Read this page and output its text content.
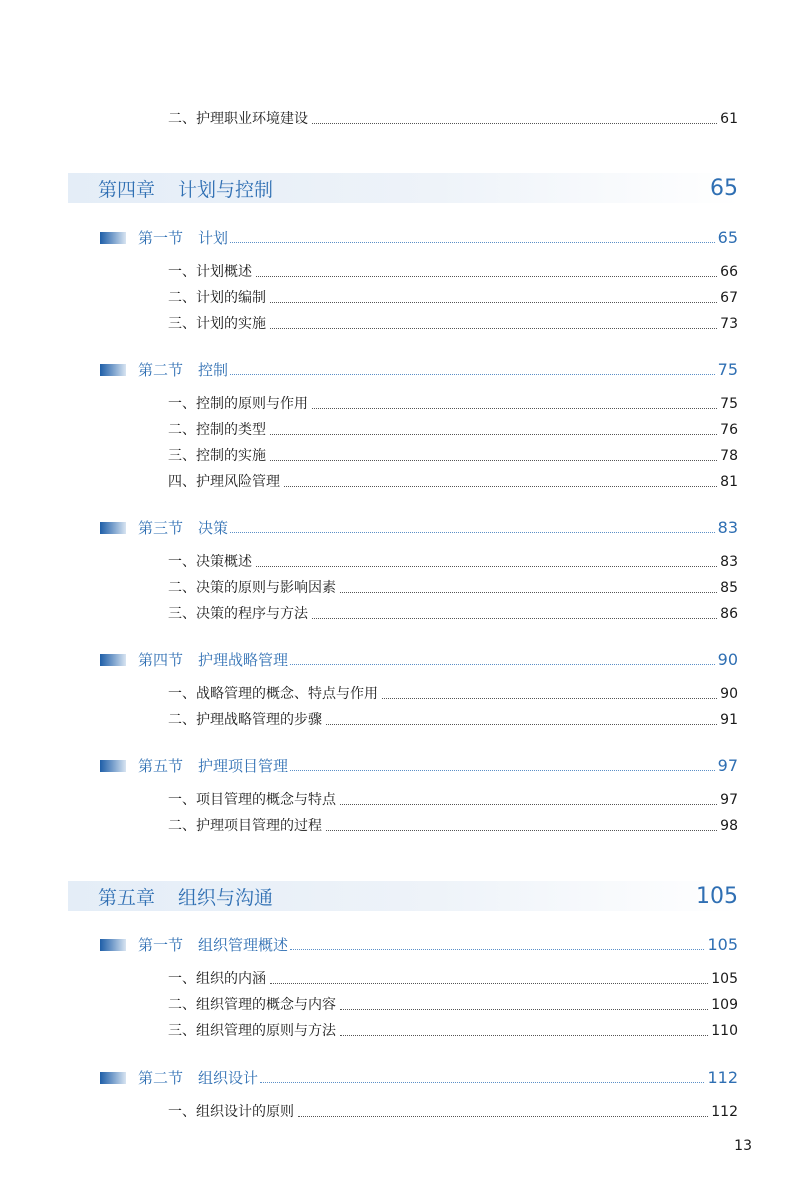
二、护理职业环境建设	61
第四章	计划与控制	65
第一节 计划	65
一、计划概述	66
二、计划的编制	67
三、计划的实施	73
第二节 控制	75
一、控制的原则与作用	75
二、控制的类型	76
三、控制的实施	78
四、护理风险管理	81
第三节 决策	83
一、决策概述	83
二、决策的原则与影响因素	85
三、决策的程序与方法	86
第四节 护理战略管理	90
一、战略管理的概念、特点与作用	90
二、护理战略管理的步骤	91
第五节 护理项目管理	97
一、项目管理的概念与特点	97
二、护理项目管理的过程	98
第五章	组织与沟通	105
第一节 组织管理概述	105
一、组织的内涵	105
二、组织管理的概念与内容	109
三、组织管理的原则与方法	110
第二节 组织设计	112
一、组织设计的原则	112
13
